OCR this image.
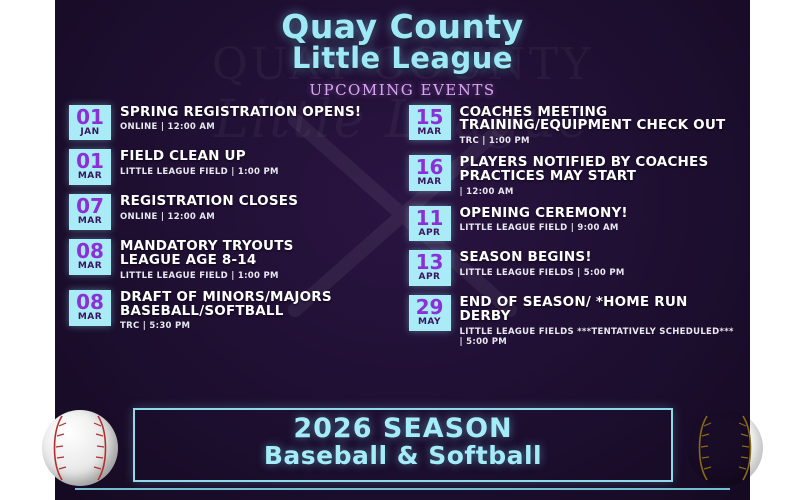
Quay County
Little League
UPCOMING EVENTS
01
JAN
SPRING REGISTRATION OPENS!
ONLINE | 12:00 AM
01
MAR
FIELD CLEAN UP
LITTLE LEAGUE FIELD | 1:00 PM
07
MAR
REGISTRATION CLOSES
ONLINE | 12:00 AM
08
MAR
MANDATORY TRYOUTS
LEAGUE AGE 8-14
LITTLE LEAGUE FIELD | 1:00 PM
08
MAR
DRAFT OF MINORS/MAJORS
BASEBALL/SOFTBALL
TRC | 5:30 PM
15
MAR
COACHES MEETING
TRAINING/EQUIPMENT CHECK OUT
TRC | 1:00 PM
16
MAR
PLAYERS NOTIFIED BY COACHES
PRACTICES MAY START
| 12:00 AM
11
APR
OPENING CEREMONY!
LITTLE LEAGUE FIELD | 9:00 AM
13
APR
SEASON BEGINS!
LITTLE LEAGUE FIELDS | 5:00 PM
29
MAY
END OF SEASON/ *HOME RUN DERBY
LITTLE LEAGUE FIELDS ***TENTATIVELY SCHEDULED*** | 5:00 PM
2026 SEASON
Baseball & Softball
